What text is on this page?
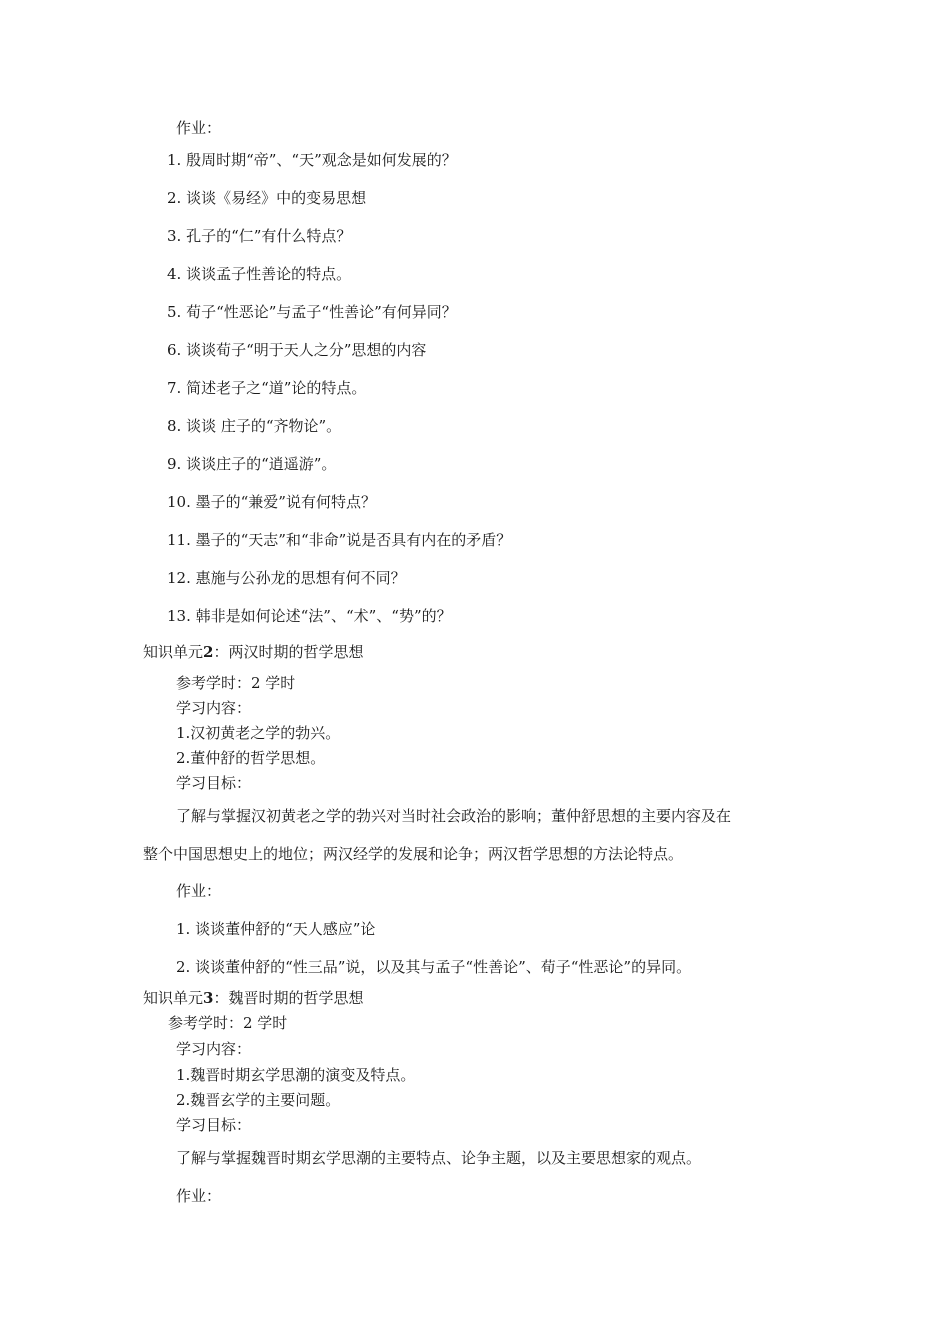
作业：
1. 殷周时期“帝”、“天”观念是如何发展的？
2. 谈谈《易经》中的变易思想
3. 孔子的“仁”有什么特点？
4. 谈谈孟子性善论的特点。
5. 荀子“性恶论”与孟子“性善论”有何异同？
6. 谈谈荀子“明于天人之分”思想的内容
7. 简述老子之“道”论的特点。
8. 谈谈 庄子的“齐物论”。
9. 谈谈庄子的“逍遥游”。
10. 墨子的“兼爱”说有何特点？
11. 墨子的“天志”和“非命”说是否具有内在的矛盾？
12. 惠施与公孙龙的思想有何不同？
13. 韩非是如何论述“法”、“术”、“势”的？
知识单元2：两汉时期的哲学思想
参考学时：2 学时
学习内容：
1.汉初黄老之学的勃兴。
2.董仲舒的哲学思想。
学习目标：
了解与掌握汉初黄老之学的勃兴对当时社会政治的影响；董仲舒思想的主要内容及在
整个中国思想史上的地位；两汉经学的发展和论争；两汉哲学思想的方法论特点。
作业：
1. 谈谈董仲舒的“天人感应”论
2. 谈谈董仲舒的“性三品”说，以及其与孟子“性善论”、荀子“性恶论”的异同。
知识单元3：魏晋时期的哲学思想
参考学时：2 学时
学习内容：
1.魏晋时期玄学思潮的演变及特点。
2.魏晋玄学的主要问题。
学习目标：
了解与掌握魏晋时期玄学思潮的主要特点、论争主题，以及主要思想家的观点。
作业：
